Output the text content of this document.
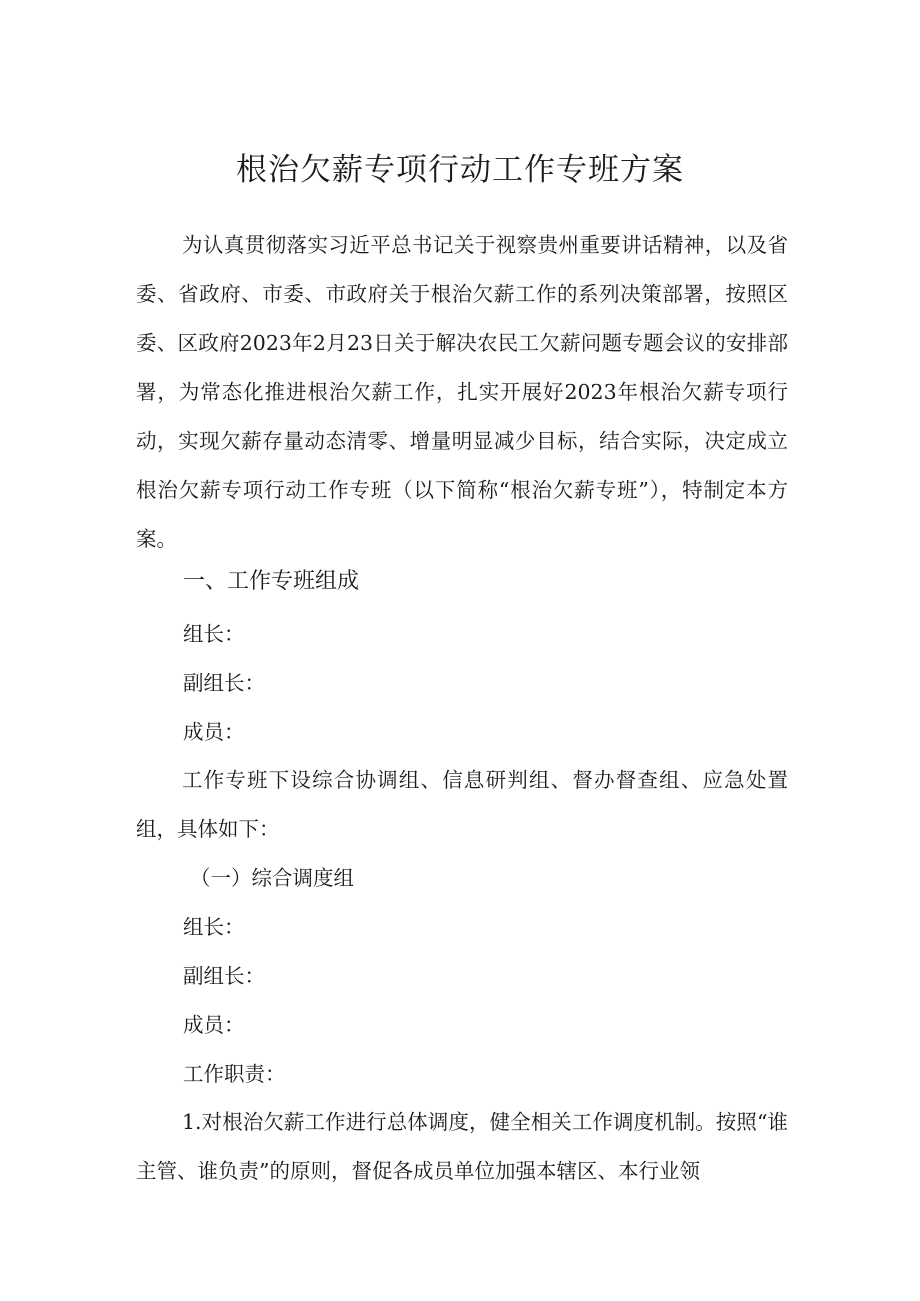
根治欠薪专项行动工作专班方案

为认真贯彻落实习近平总书记关于视察贵州重要讲话精神，以及省委、省政府、市委、市政府关于根治欠薪工作的系列决策部署，按照区委、区政府2023年2月23日关于解决农民工欠薪问题专题会议的安排部署，为常态化推进根治欠薪工作，扎实开展好2023年根治欠薪专项行动，实现欠薪存量动态清零、增量明显减少目标，结合实际，决定成立根治欠薪专项行动工作专班（以下简称“根治欠薪专班”），特制定本方案。

一、工作专班组成

组长：

副组长：

成员：

工作专班下设综合协调组、信息研判组、督办督查组、应急处置组，具体如下：

（一）综合调度组

组长：

副组长：

成员：

工作职责：

1.对根治欠薪工作进行总体调度，健全相关工作调度机制。按照“谁主管、谁负责”的原则，督促各成员单位加强本辖区、本行业领
